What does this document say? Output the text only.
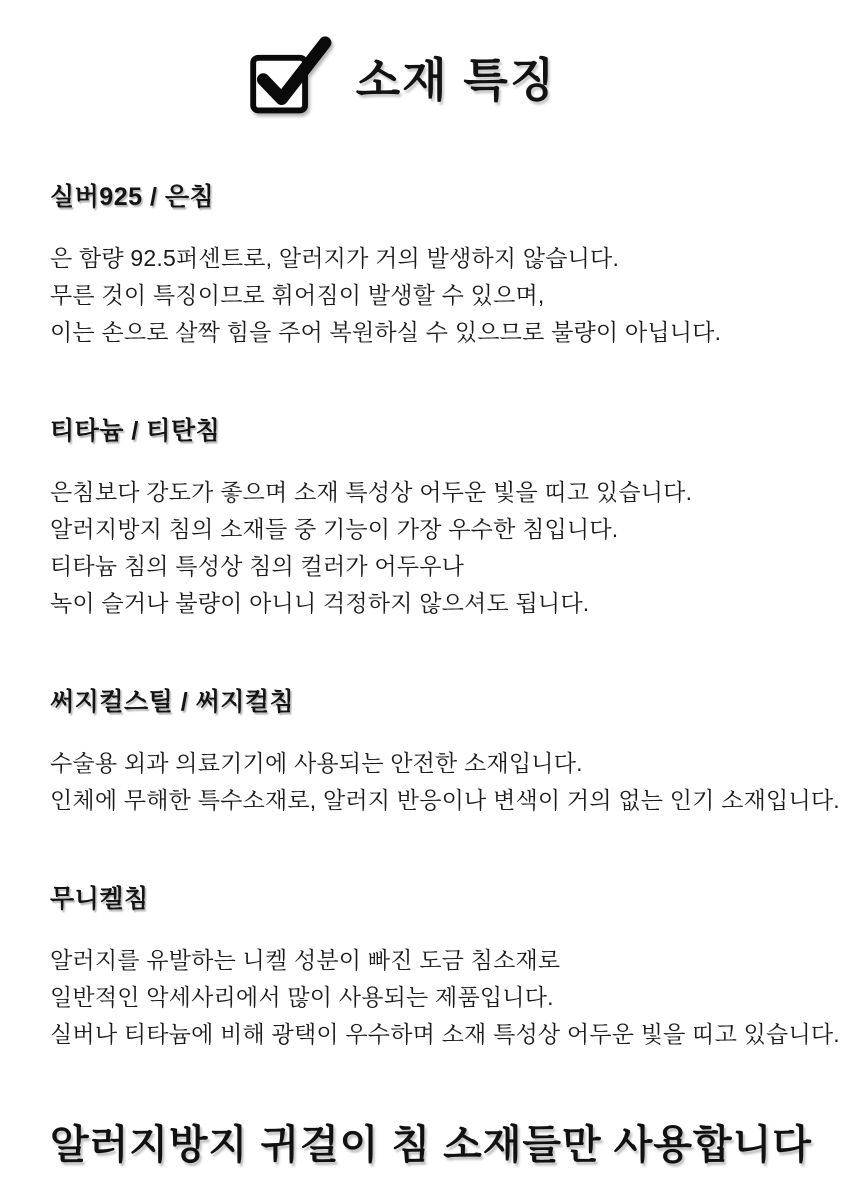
소재 특징
실버925 / 은침

은 함량 92.5퍼센트로, 알러지가 거의 발생하지 않습니다.

무른 것이 특징이므로 휘어짐이 발생할 수 있으며,

이는 손으로 살짝 힘을 주어 복원하실 수 있으므로 불량이 아닙니다.

티타늄 / 티탄침

은침보다 강도가 좋으며 소재 특성상 어두운 빛을 띠고 있습니다.

알러지방지 침의 소재들 중 기능이 가장 우수한 침입니다.

티타늄 침의 특성상 침의 컬러가 어두우나

녹이 슬거나 불량이 아니니 걱정하지 않으셔도 됩니다.

써지컬스틸 / 써지컬침

수술용 외과 의료기기에 사용되는 안전한 소재입니다.

인체에 무해한 특수소재로, 알러지 반응이나 변색이 거의 없는 인기 소재입니다.

무니켈침

알러지를 유발하는 니켈 성분이 빠진 도금 침소재로

일반적인 악세사리에서 많이 사용되는 제품입니다.

실버나 티타늄에 비해 광택이 우수하며 소재 특성상 어두운 빛을 띠고 있습니다.

알러지방지 귀걸이 침 소재들만 사용합니다
